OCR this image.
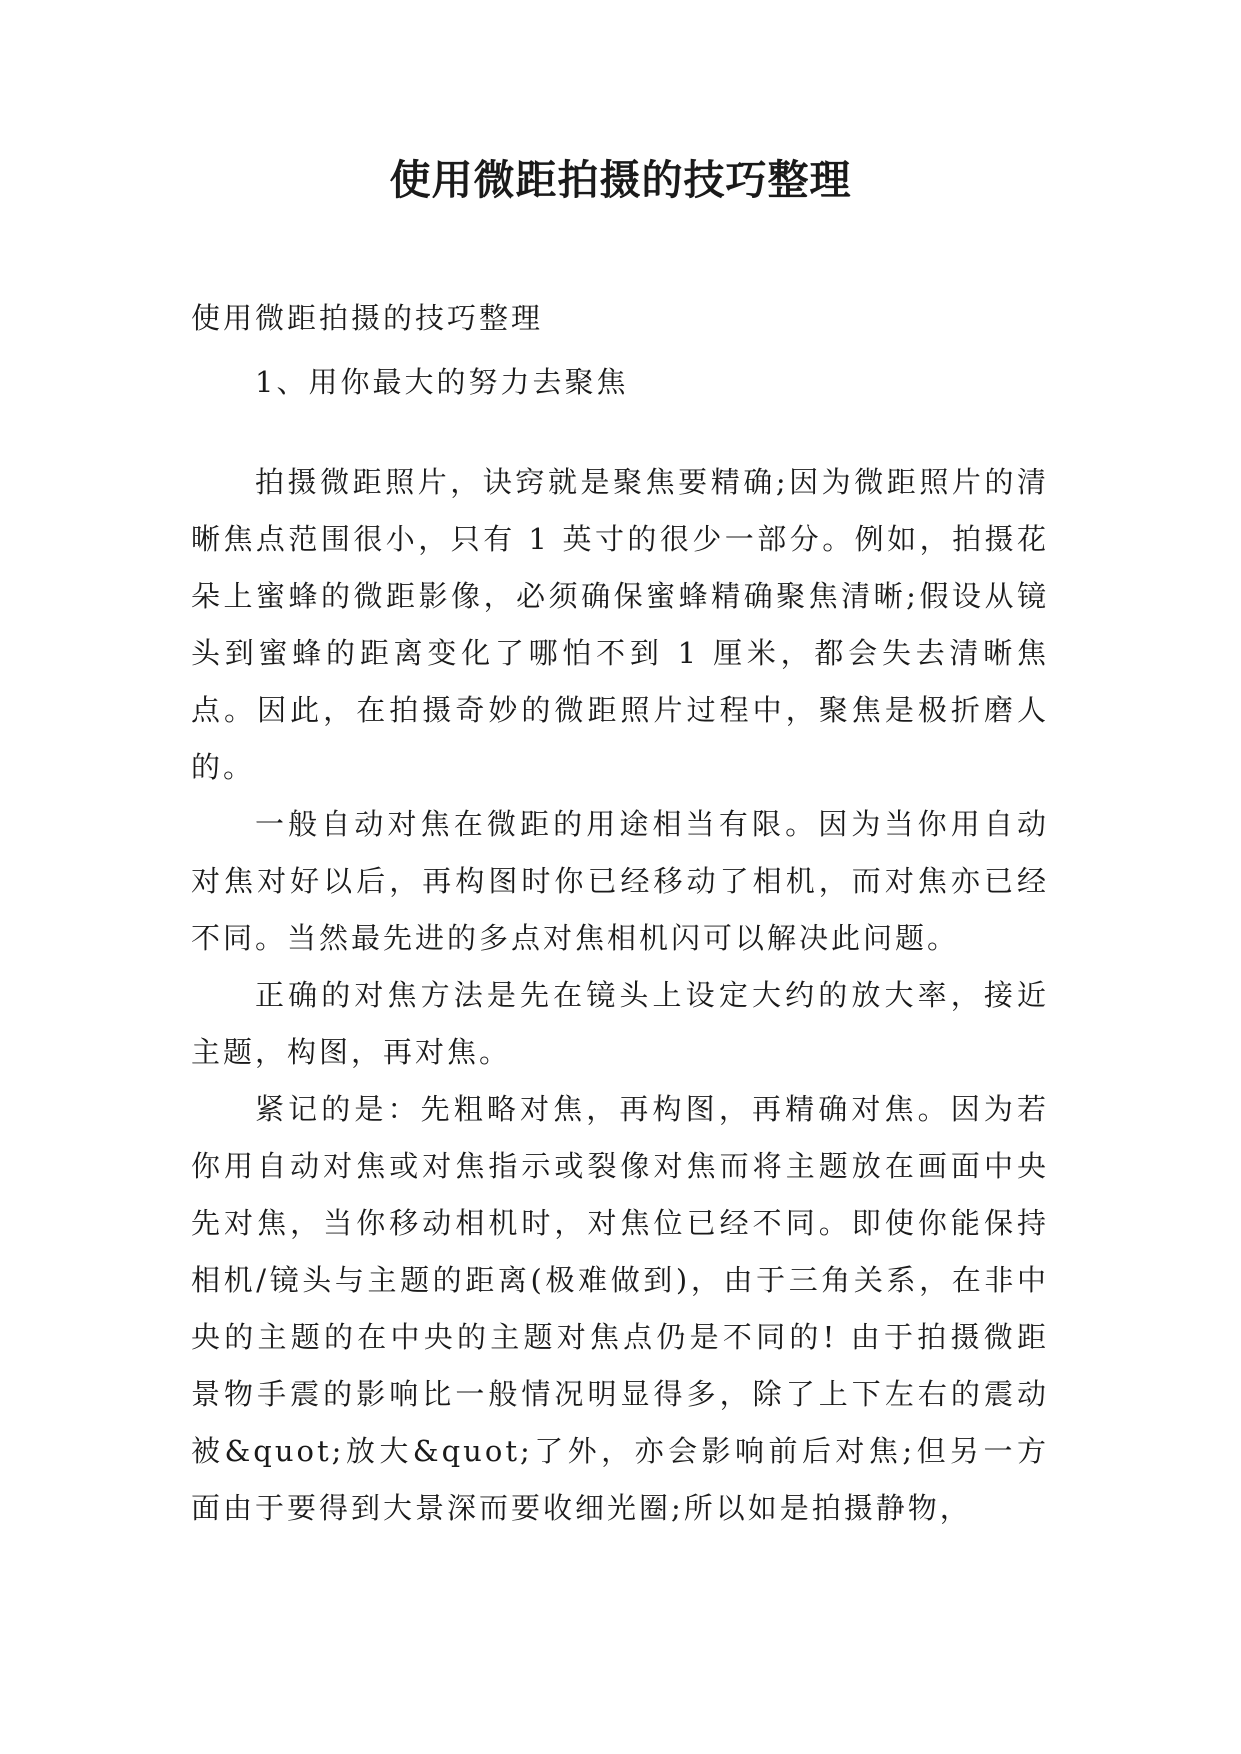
使用微距拍摄的技巧整理

使用微距拍摄的技巧整理

1、用你最大的努力去聚焦

拍摄微距照片，诀窍就是聚焦要精确;因为微距照片的清晰焦点范围很小，只有 1 英寸的很少一部分。例如，拍摄花朵上蜜蜂的微距影像，必须确保蜜蜂精确聚焦清晰;假设从镜头到蜜蜂的距离变化了哪怕不到 1 厘米，都会失去清晰焦点。因此，在拍摄奇妙的微距照片过程中，聚焦是极折磨人的。

一般自动对焦在微距的用途相当有限。因为当你用自动对焦对好以后，再构图时你已经移动了相机，而对焦亦已经不同。当然最先进的多点对焦相机闪可以解决此问题。

正确的对焦方法是先在镜头上设定大约的放大率，接近主题，构图，再对焦。

紧记的是：先粗略对焦，再构图，再精确对焦。因为若你用自动对焦或对焦指示或裂像对焦而将主题放在画面中央先对焦，当你移动相机时，对焦位已经不同。即使你能保持相机/镜头与主题的距离(极难做到)，由于三角关系，在非中央的主题的在中央的主题对焦点仍是不同的! 由于拍摄微距景物手震的影响比一般情况明显得多，除了上下左右的震动被&quot;放大&quot;了外，亦会影响前后对焦;但另一方面由于要得到大景深而要收细光圈;所以如是拍摄静物，
